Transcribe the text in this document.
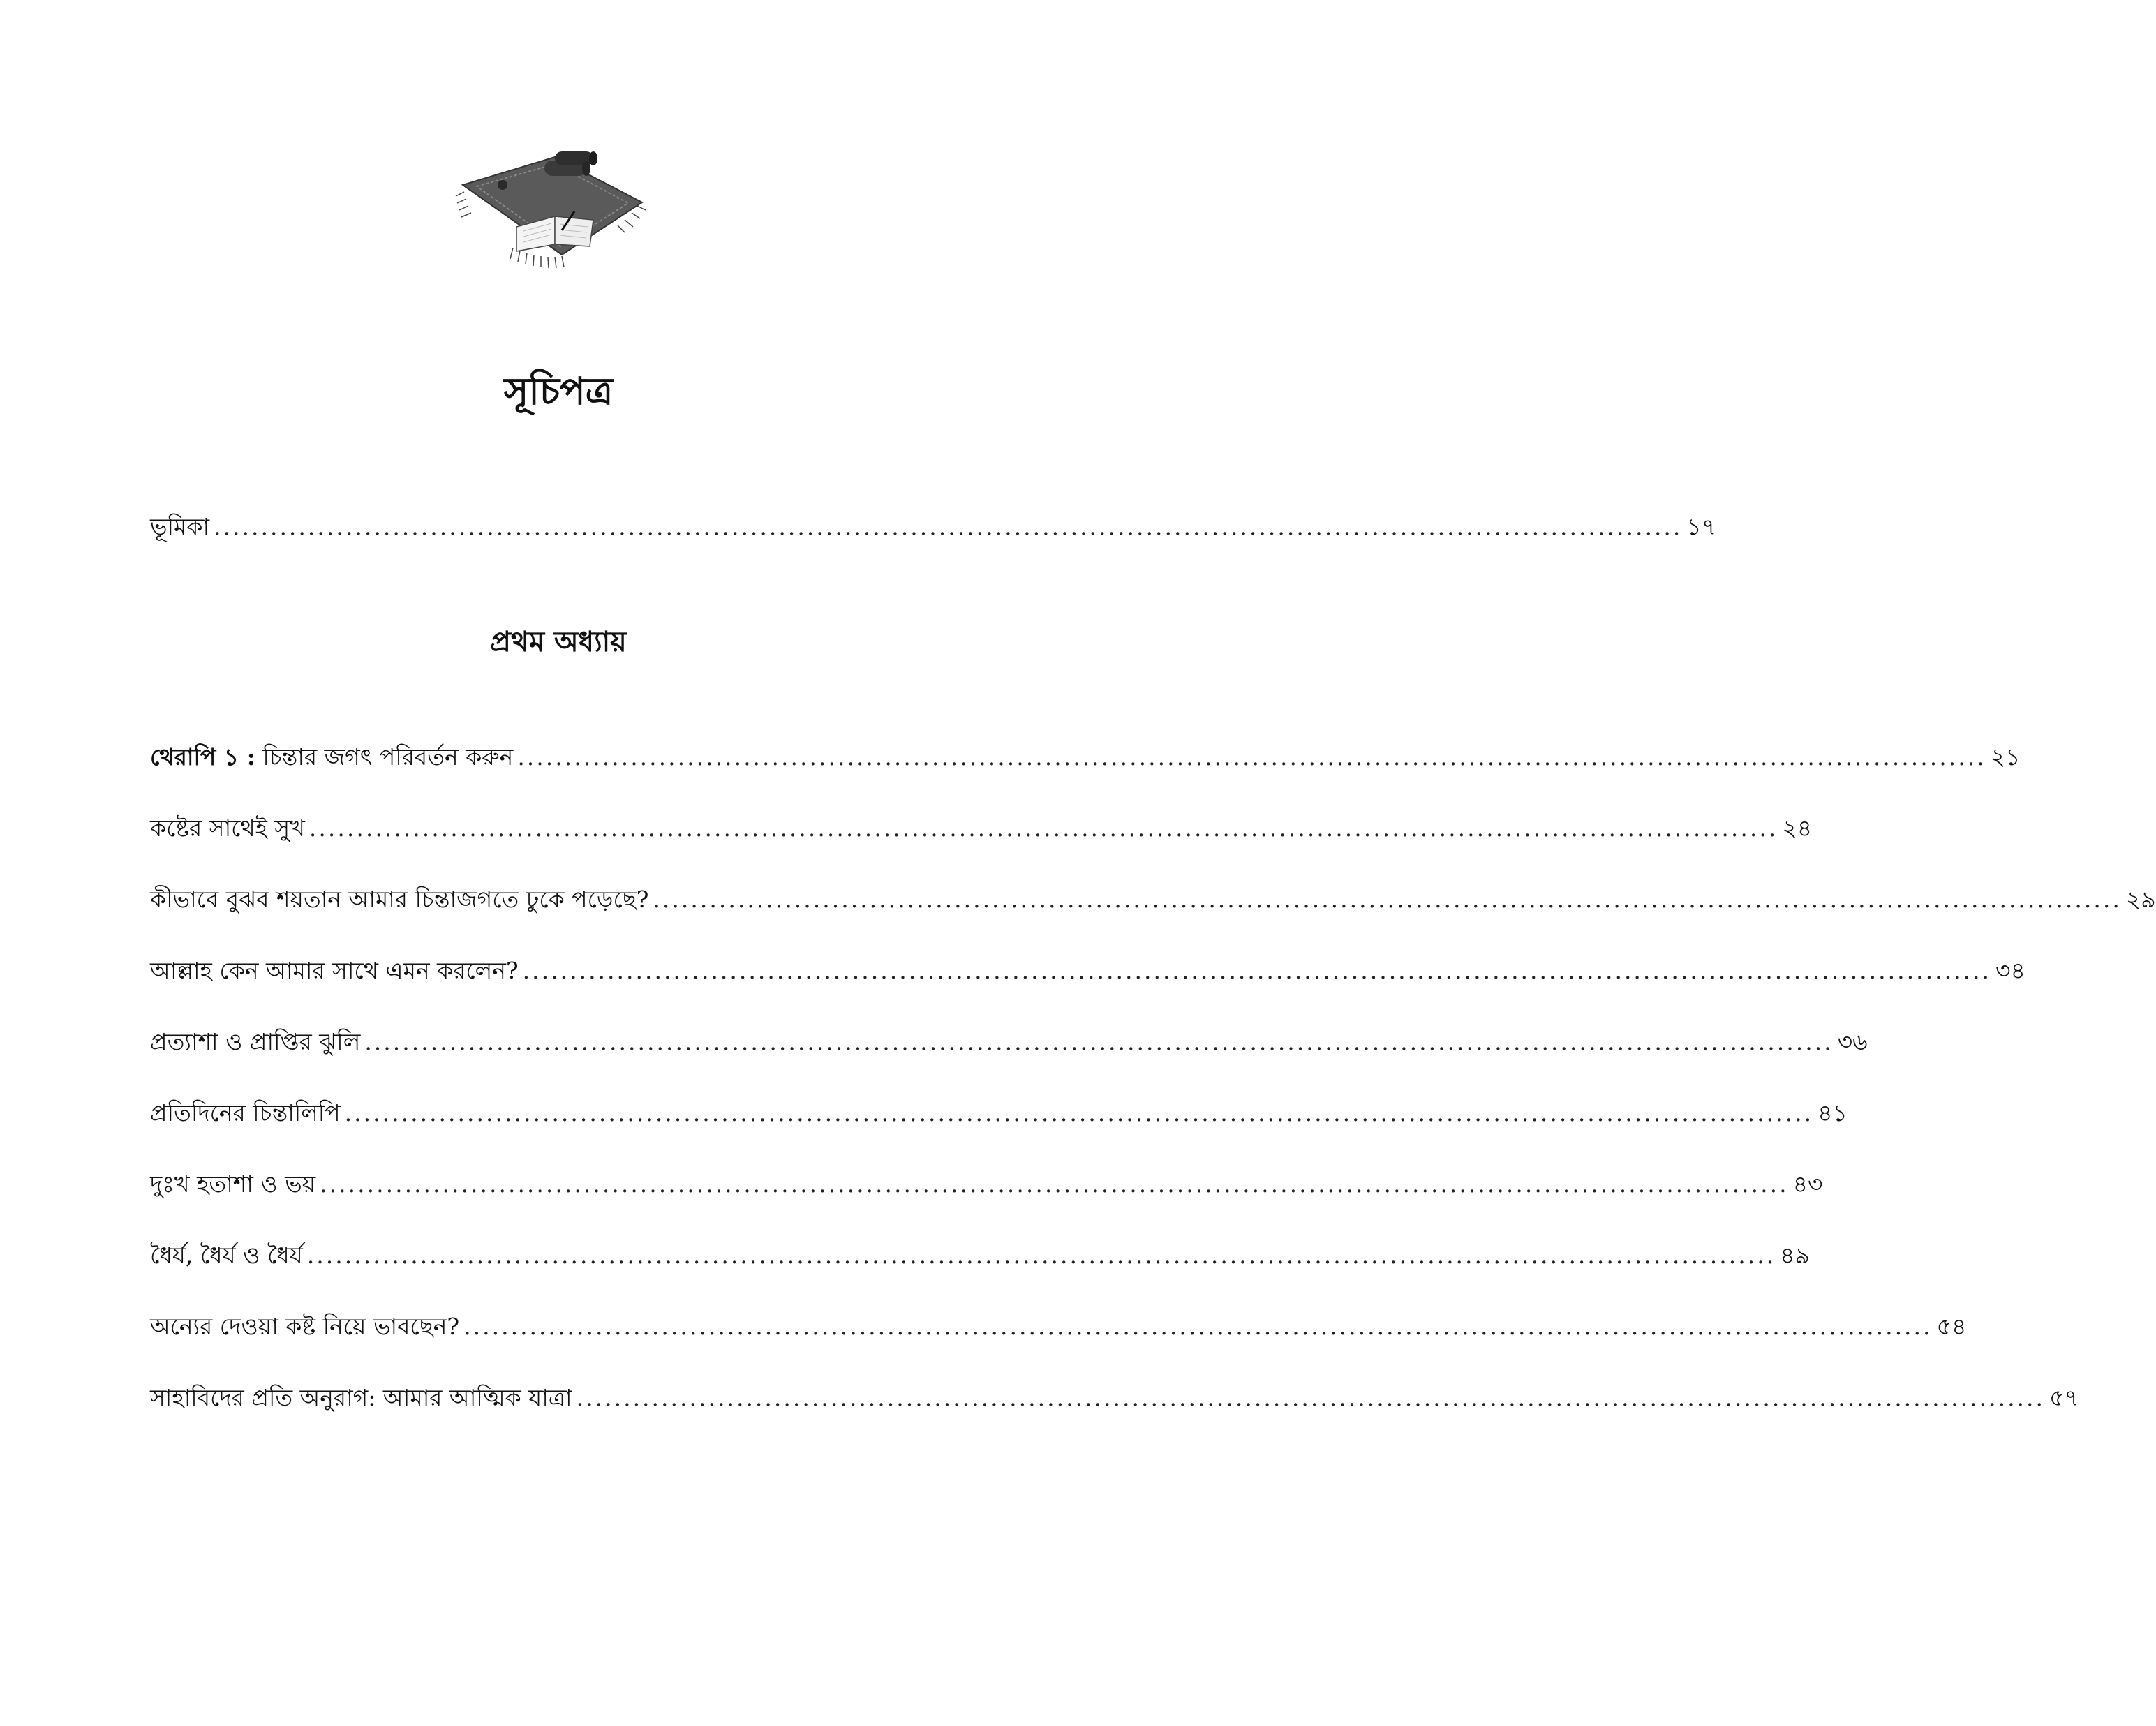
সূচিপত্র
ভূমিকা ............................................................................................................................................................ ১৭
প্রথম অধ্যায়
থেরাপি ১ : চিন্তার জগৎ পরিবর্তন করুন ............................................................................................................................................................ ২১
কষ্টের সাথেই সুখ ............................................................................................................................................................ ২৪
কীভাবে বুঝব শয়তান আমার চিন্তাজগতে ঢুকে পড়েছে? ............................................................................................................................................................ ২৯
আল্লাহ কেন আমার সাথে এমন করলেন? ............................................................................................................................................................ ৩৪
প্রত্যাশা ও প্রাপ্তির ঝুলি ............................................................................................................................................................ ৩৬
প্রতিদিনের চিন্তালিপি ............................................................................................................................................................ ৪১
দুঃখ হতাশা ও ভয় ............................................................................................................................................................ ৪৩
ধৈর্য, ধৈর্য ও ধৈর্য ............................................................................................................................................................ ৪৯
অন্যের দেওয়া কষ্ট নিয়ে ভাবছেন? ............................................................................................................................................................ ৫৪
সাহাবিদের প্রতি অনুরাগ: আমার আত্মিক যাত্রা ............................................................................................................................................................ ৫৭
